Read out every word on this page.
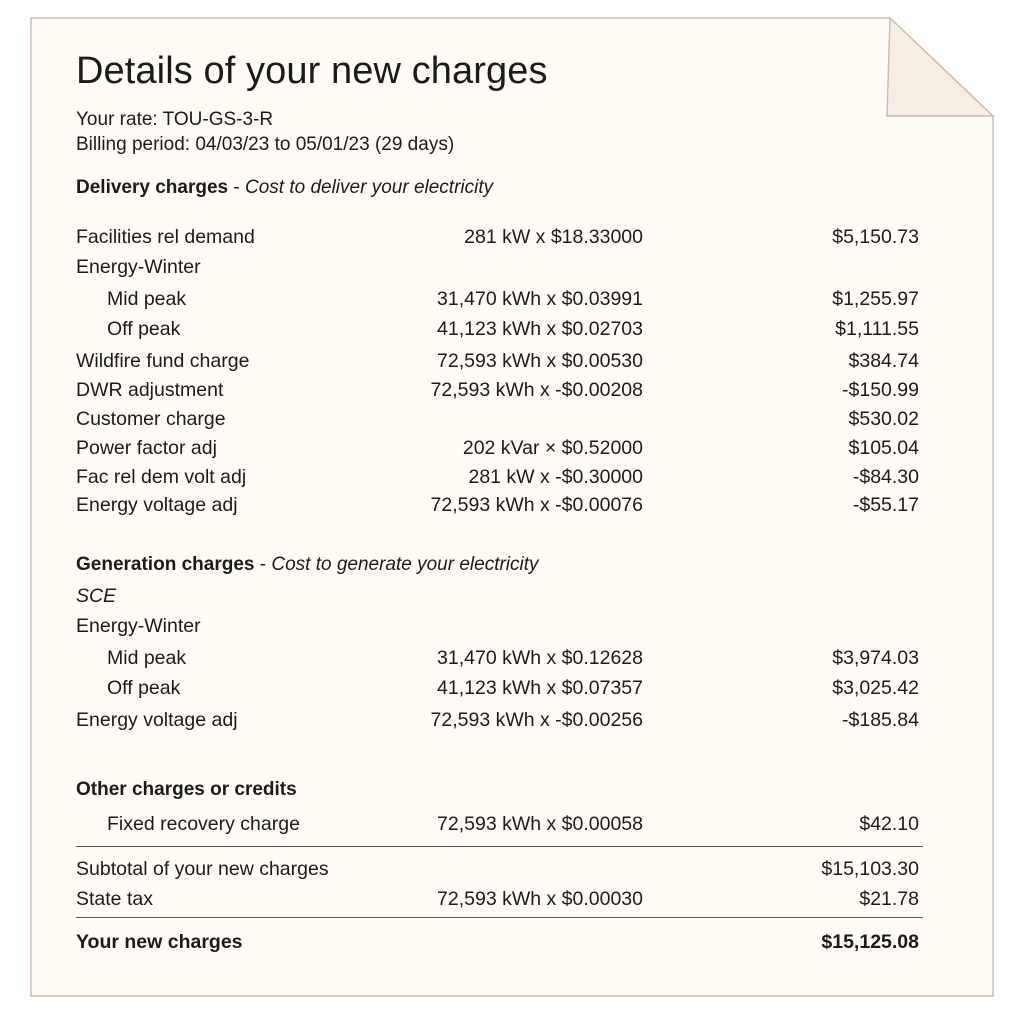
Details of your new charges
Your rate: TOU-GS-3-R
Billing period: 04/03/23 to 05/01/23 (29 days)
Delivery charges - Cost to deliver your electricity
Facilities rel demand	281 kW x $18.33000	$5,150.73
Energy-Winter
Mid peak	31,470 kWh x $0.03991	$1,255.97
Off peak	41,123 kWh x $0.02703	$1,111.55
Wildfire fund charge	72,593 kWh x $0.00530	$384.74
DWR adjustment	72,593 kWh x -$0.00208	-$150.99
Customer charge	$530.02
Power factor adj	202 kVar × $0.52000	$105.04
Fac rel dem volt adj	281 kW x -$0.30000	-$84.30
Energy voltage adj	72,593 kWh x -$0.00076	-$55.17
Generation charges - Cost to generate your electricity
SCE
Energy-Winter
Mid peak	31,470 kWh x $0.12628	$3,974.03
Off peak	41,123 kWh x $0.07357	$3,025.42
Energy voltage adj	72,593 kWh x -$0.00256	-$185.84
Other charges or credits
Fixed recovery charge	72,593 kWh x $0.00058	$42.10
Subtotal of your new charges	$15,103.30
State tax	72,593 kWh x $0.00030	$21.78
Your new charges	$15,125.08
